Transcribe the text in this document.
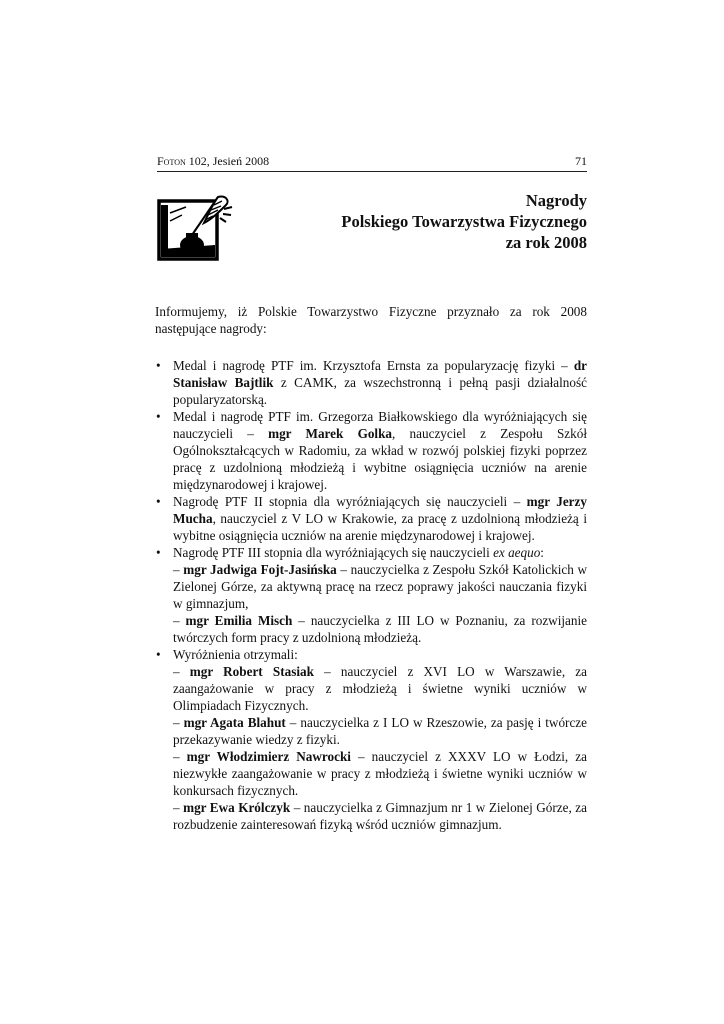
Foton 102, Jesień 2008	71
Nagrody
Polskiego Towarzystwa Fizycznego
za rok 2008

Informujemy, iż Polskie Towarzystwo Fizyczne przyznało za rok 2008 następujące nagrody:

• Medal i nagrodę PTF im. Krzysztofa Ernsta za popularyzację fizyki – dr Stanisław Bajtlik z CAMK, za wszechstronną i pełną pasji działalność popularyzatorską.
• Medal i nagrodę PTF im. Grzegorza Białkowskiego dla wyróżniających się nauczycieli – mgr Marek Golka, nauczyciel z Zespołu Szkół Ogólnokształcących w Radomiu, za wkład w rozwój polskiej fizyki poprzez pracę z uzdolnioną młodzieżą i wybitne osiągnięcia uczniów na arenie międzynarodowej i krajowej.
• Nagrodę PTF II stopnia dla wyróżniających się nauczycieli – mgr Jerzy Mucha, nauczyciel z V LO w Krakowie, za pracę z uzdolnioną młodzieżą i wybitne osiągnięcia uczniów na arenie międzynarodowej i krajowej.
• Nagrodę PTF III stopnia dla wyróżniających się nauczycieli ex aequo:

– mgr Jadwiga Fojt-Jasińska – nauczycielka z Zespołu Szkół Katolickich w Zielonej Górze, za aktywną pracę na rzecz poprawy jakości nauczania fizyki w gimnazjum,

– mgr Emilia Misch – nauczycielka z III LO w Poznaniu, za rozwijanie twórczych form pracy z uzdolnioną młodzieżą.

• Wyróżnienia otrzymali:

– mgr Robert Stasiak – nauczyciel z XVI LO w Warszawie, za zaangażowanie w pracy z młodzieżą i świetne wyniki uczniów w Olimpiadach Fizycznych.

– mgr Agata Blahut – nauczycielka z I LO w Rzeszowie, za pasję i twórcze przekazywanie wiedzy z fizyki.

– mgr Włodzimierz Nawrocki – nauczyciel z XXXV LO w Łodzi, za niezwykłe zaangażowanie w pracy z młodzieżą i świetne wyniki uczniów w konkursach fizycznych.

– mgr Ewa Królczyk – nauczycielka z Gimnazjum nr 1 w Zielonej Górze, za rozbudzenie zainteresowań fizyką wśród uczniów gimnazjum.
